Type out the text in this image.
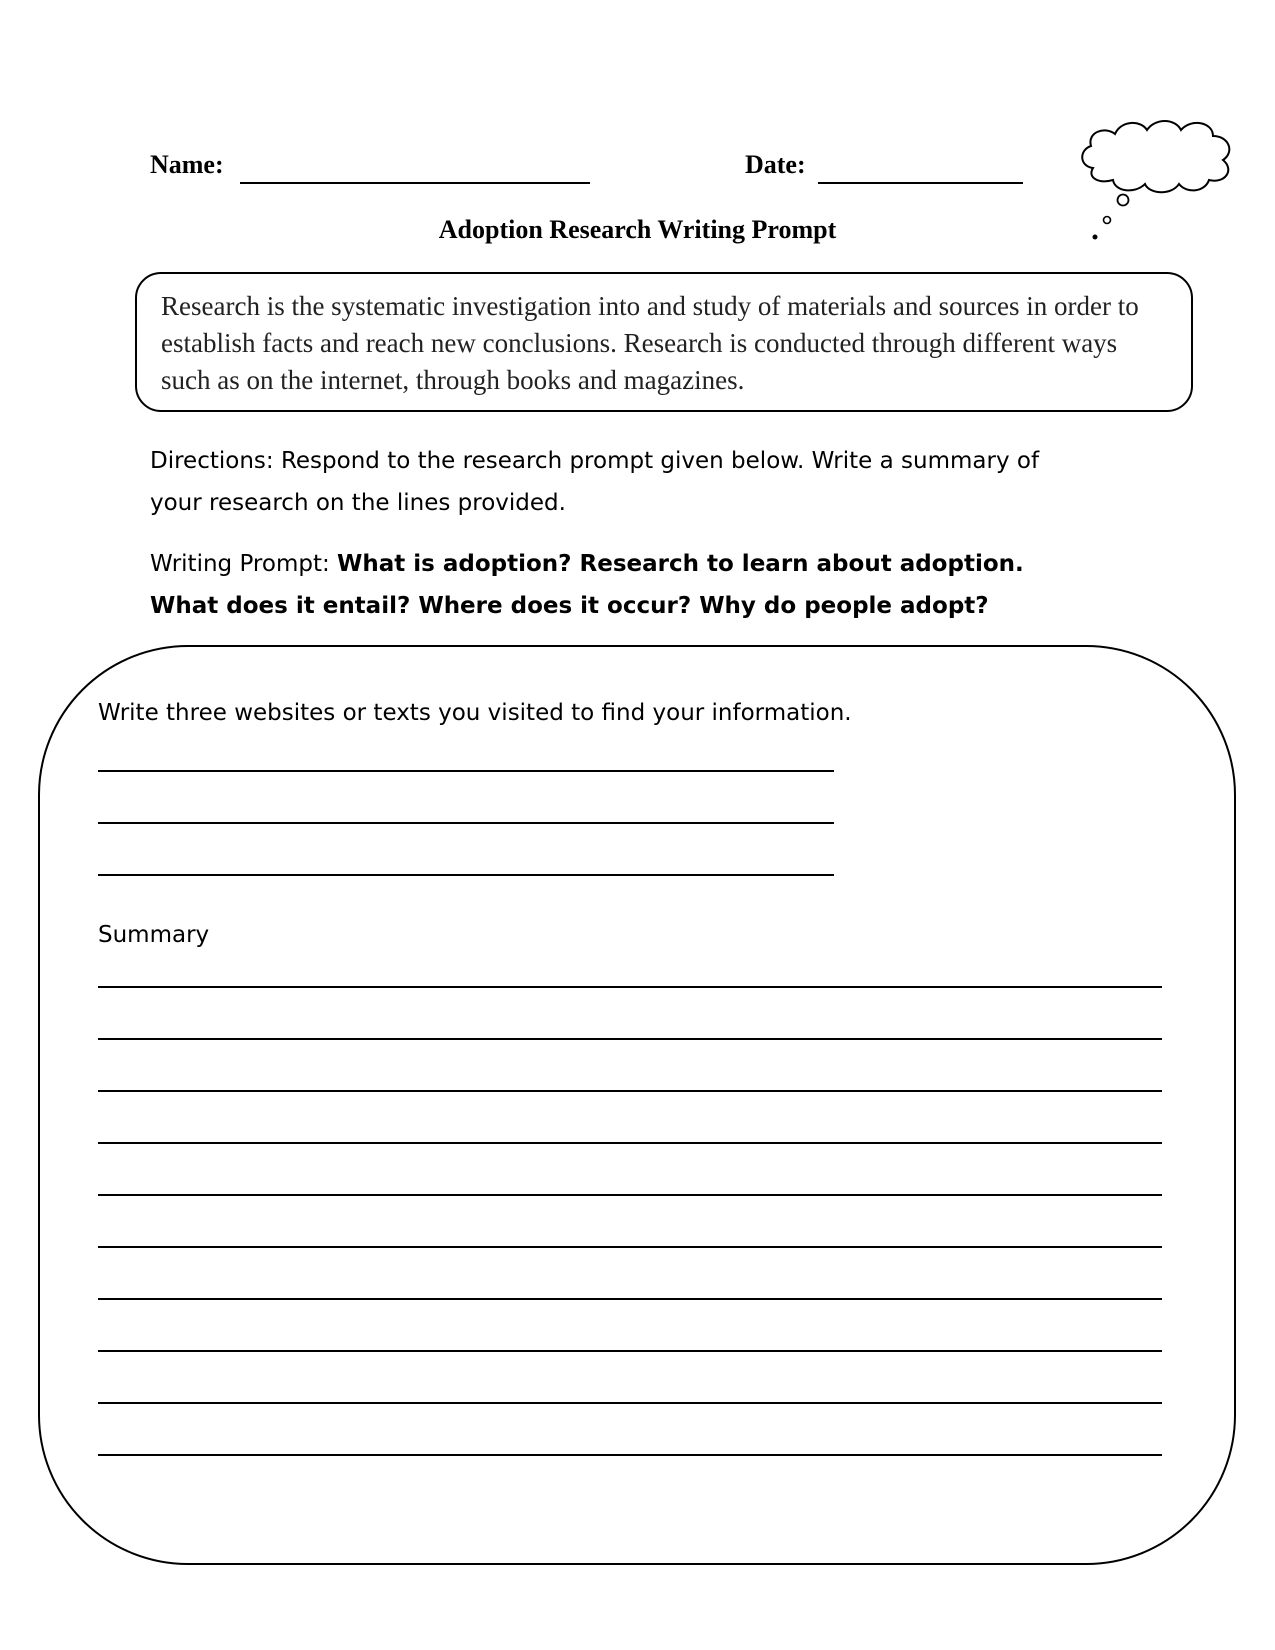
Name:	Date:
Adoption Research Writing Prompt
Research is the systematic investigation into and study of materials and sources in order to establish facts and reach new conclusions. Research is conducted through different ways such as on the internet, through books and magazines.
Directions: Respond to the research prompt given below. Write a summary of your research on the lines provided.
Writing Prompt: What is adoption? Research to learn about adoption. What does it entail? Where does it occur? Why do people adopt?
Write three websites or texts you visited to find your information.
Summary
